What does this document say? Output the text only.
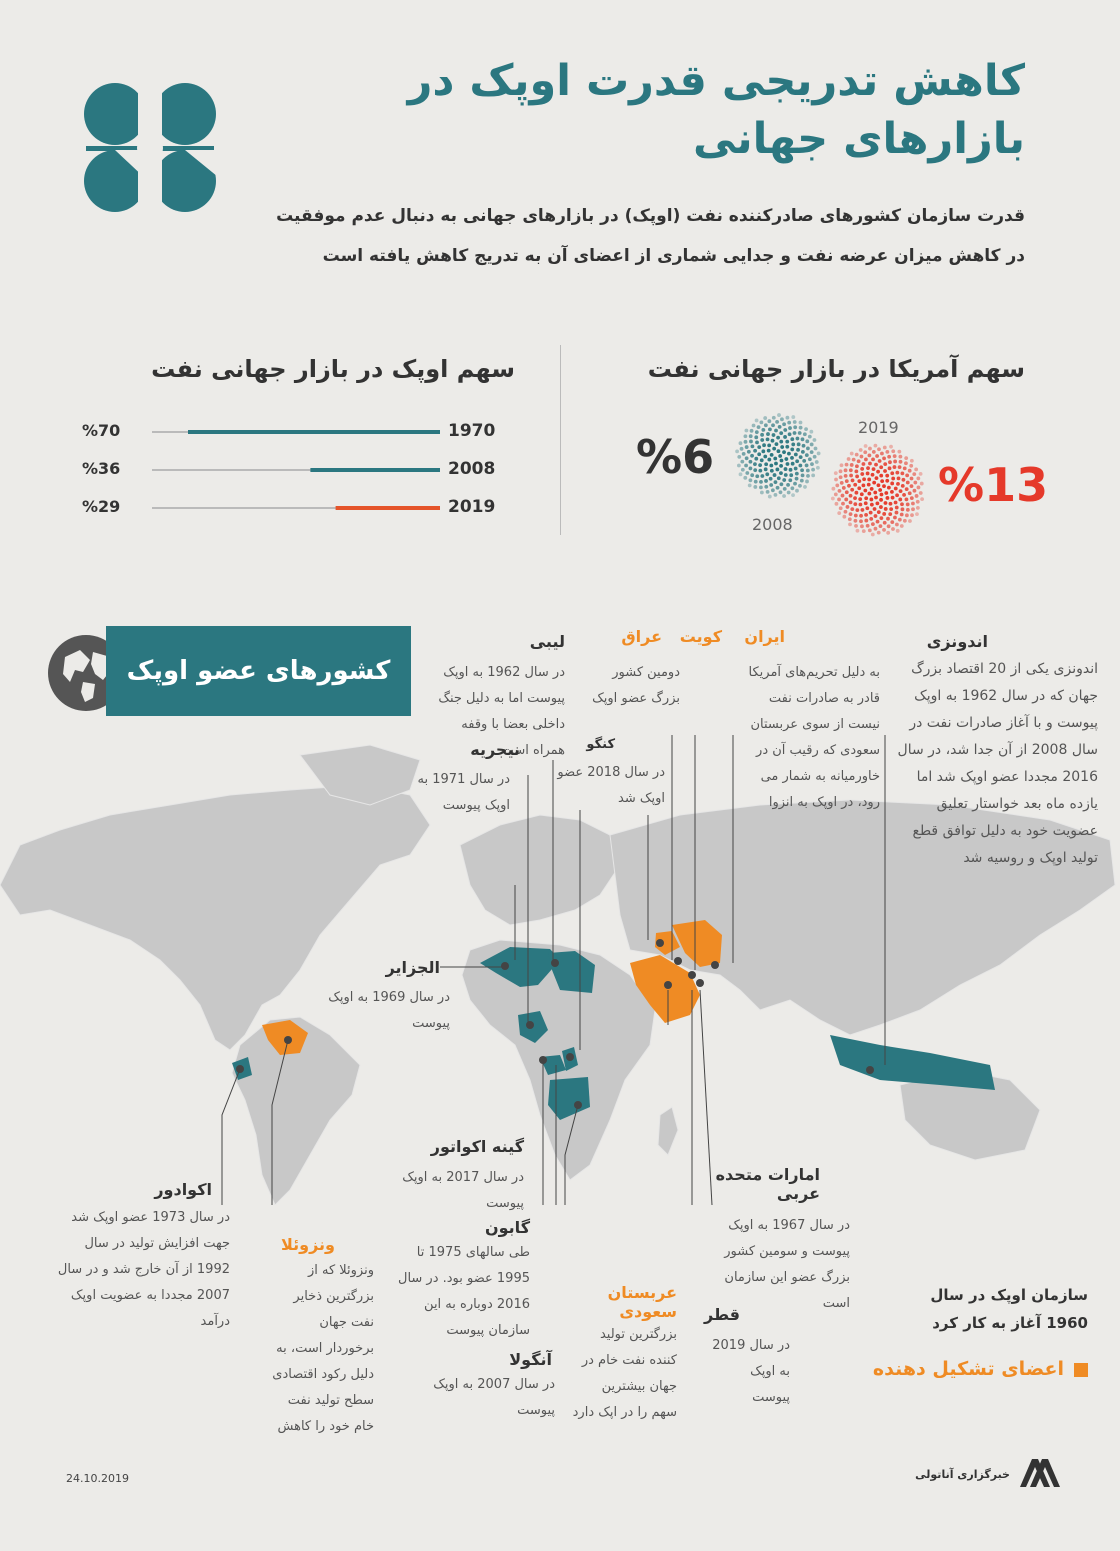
کاهش تدریجی قدرت اوپک در بازارهای جهانی
قدرت سازمان کشورهای صادرکننده نفت (اوپک) در بازارهای جهانی به دنبال عدم موفقیت در کاهش میزان عرضه نفت و جدایی شماری از اعضای آن به تدریج کاهش یافته است
سهم اوپک در بازار جهانی نفت
1970
2008
2019
%70
%36
%29
سهم آمریکا در بازار جهانی نفت
%6
2008
2019
%13
کشورهای عضو اوپک
اندونزی
اندونزی یکی از 20 اقتصاد بزرگ جهان که در سال 1962 به اوپک پیوست و با آغاز صادرات نفت در سال 2008 از آن جدا شد، در سال 2016 مجددا عضو اوپک شد اما یازده ماه بعد خواستار تعلیق عضویت خود به دلیل توافق قطع تولید اوپک و روسیه شد
ایران
به دلیل تحریم‌های آمریکا قادر به صادرات نفت نیست از سوی عربستان سعودی که رقیب آن در خاورمیانه به شمار می رود، در اوپک به انزوا
کویت
عراق
دومین کشور بزرگ عضو اوپک
لیبی
در سال 1962 به اوپک پیوست اما به دلیل جنگ داخلی بعضا با وقفه همراه است	کنگو
در سال 2018 عضو اوپک شد
نیجریه
در سال 1971 به اوپک پیوست
الجزایر
در سال 1969 به اوپک پیوست
اکوادور
در سال 1973 عضو اوپک شد جهت افزایش تولید در سال 1992 از آن خارج شد و در سال 2007 مجددا به عضویت اوپک درآمد
ونزوئلا
ونزوئلا که از بزرگترین ذخایر نفت جهان برخوردار است، به دلیل رکود اقتصادی سطح تولید نفت خام خود را کاهش
گینه اکواتور
در سال 2017 به اوپک پیوست
گابون
طی سالهای 1975 تا 1995 عضو بود. در سال 2016 دوباره به این سازمان پیوست
آنگولا
در سال 2007 به اوپک پیوست
عربستان سعودی
بزرگترین تولید کننده نفت خام در جهان بیشترین سهم را در اپک دارد
امارات متحده عربی
در سال 1967 به اوپک پیوست و سومین کشور بزرگ عضو این سازمان است
قطر
در سال 2019 به اوپک پیوست
سازمان اوپک در سال 1960 آغاز به کار کرد
اعضای تشکیل دهنده
24.10.2019	خبرگزاری آناتولی
